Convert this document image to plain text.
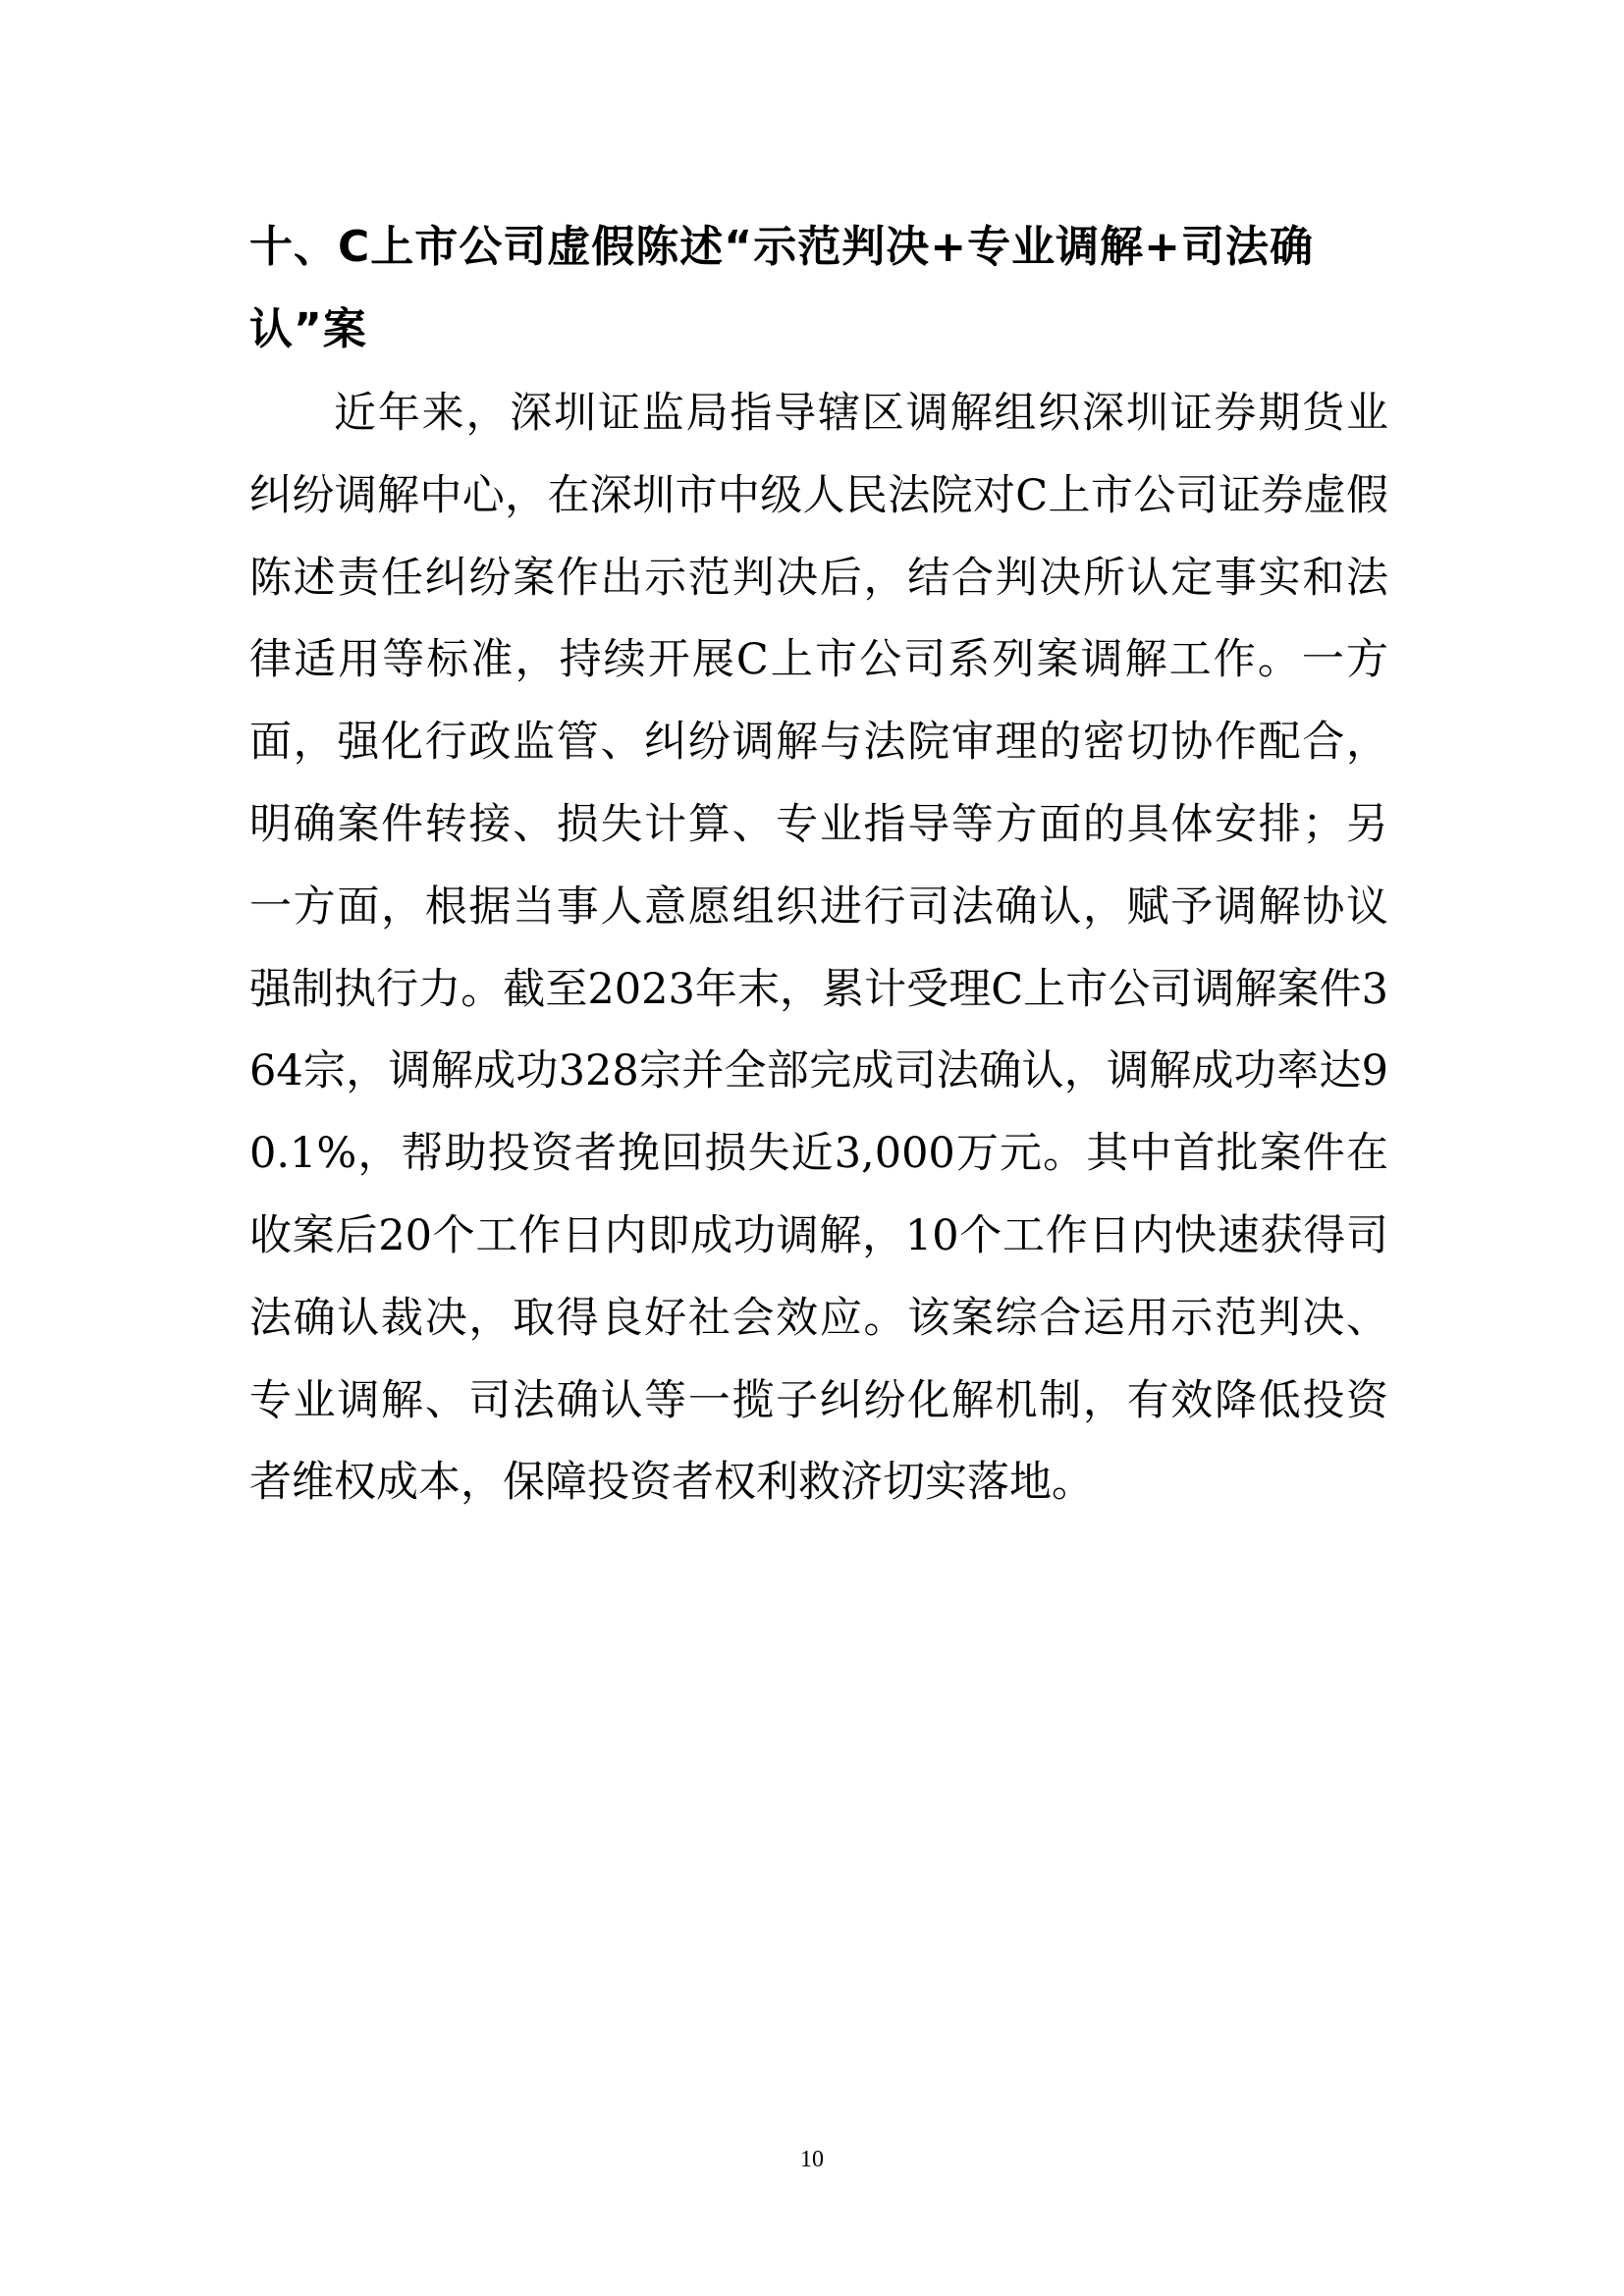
十、C上市公司虚假陈述“示范判决+专业调解+司法确认”案

近年来，深圳证监局指导辖区调解组织深圳证券期货业纠纷调解中心，在深圳市中级人民法院对C上市公司证券虚假陈述责任纠纷案作出示范判决后，结合判决所认定事实和法律适用等标准，持续开展C上市公司系列案调解工作。一方面，强化行政监管、纠纷调解与法院审理的密切协作配合，明确案件转接、损失计算、专业指导等方面的具体安排；另一方面，根据当事人意愿组织进行司法确认，赋予调解协议强制执行力。截至2023年末，累计受理C上市公司调解案件364宗，调解成功328宗并全部完成司法确认，调解成功率达90.1%，帮助投资者挽回损失近3,000万元。其中首批案件在收案后20个工作日内即成功调解，10个工作日内快速获得司法确认裁决，取得良好社会效应。该案综合运用示范判决、专业调解、司法确认等一揽子纠纷化解机制，有效降低投资者维权成本，保障投资者权利救济切实落地。

10
